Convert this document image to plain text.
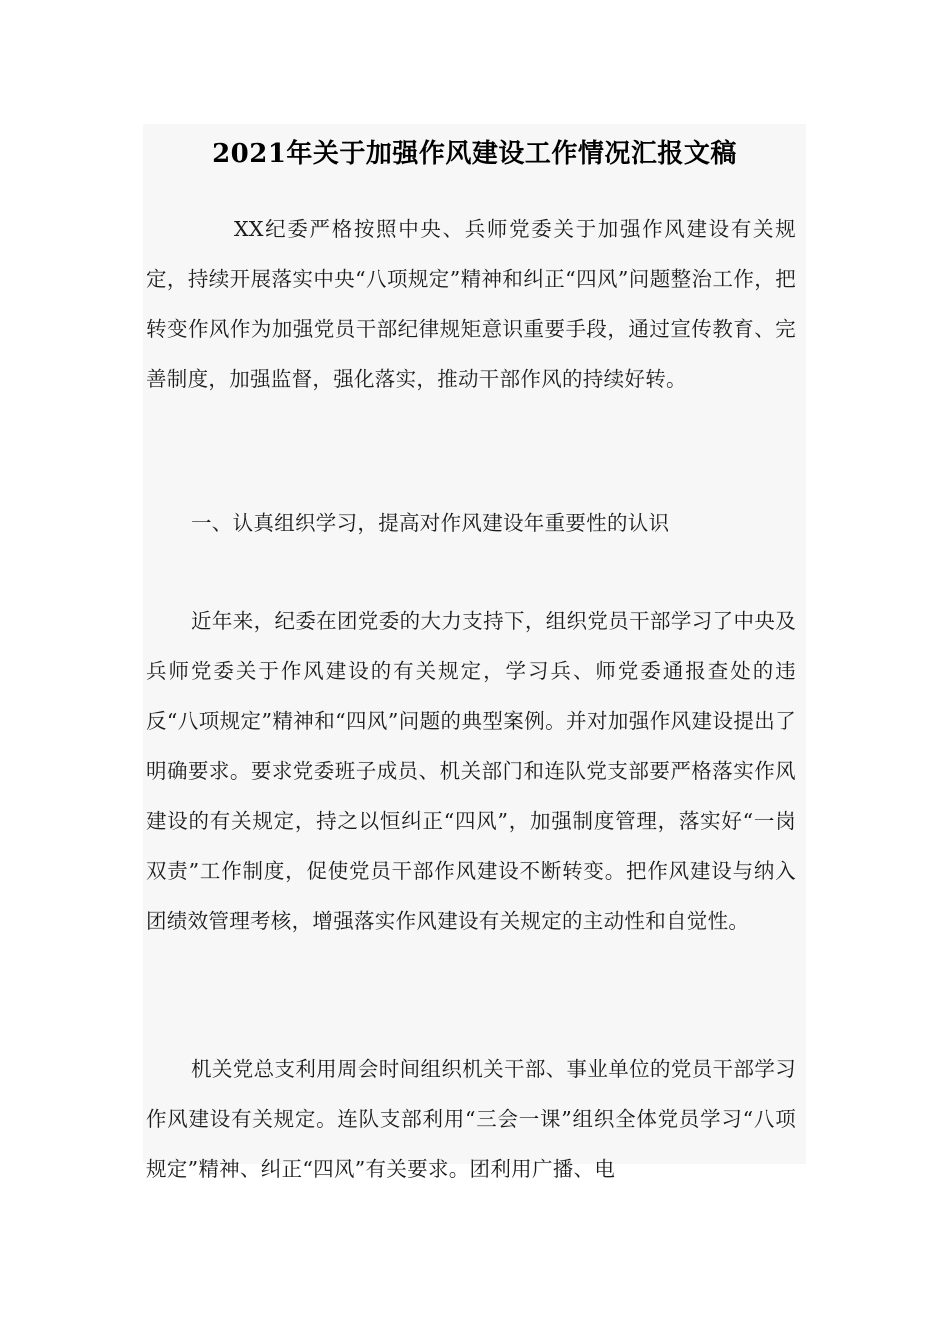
2021年关于加强作风建设工作情况汇报文稿

XX纪委严格按照中央、兵师党委关于加强作风建设有关规定，持续开展落实中央“八项规定”精神和纠正“四风”问题整治工作，把转变作风作为加强党员干部纪律规矩意识重要手段，通过宣传教育、完善制度，加强监督，强化落实，推动干部作风的持续好转。

一、认真组织学习，提高对作风建设年重要性的认识

近年来，纪委在团党委的大力支持下，组织党员干部学习了中央及兵师党委关于作风建设的有关规定，学习兵、师党委通报查处的违反“八项规定”精神和“四风”问题的典型案例。并对加强作风建设提出了明确要求。要求党委班子成员、机关部门和连队党支部要严格落实作风建设的有关规定，持之以恒纠正“四风”，加强制度管理，落实好“一岗双责”工作制度，促使党员干部作风建设不断转变。把作风建设与纳入团绩效管理考核，增强落实作风建设有关规定的主动性和自觉性。

机关党总支利用周会时间组织机关干部、事业单位的党员干部学习作风建设有关规定。连队支部利用“三会一课”组织全体党员学习“八项规定”精神、纠正“四风”有关要求。团利用广播、电
